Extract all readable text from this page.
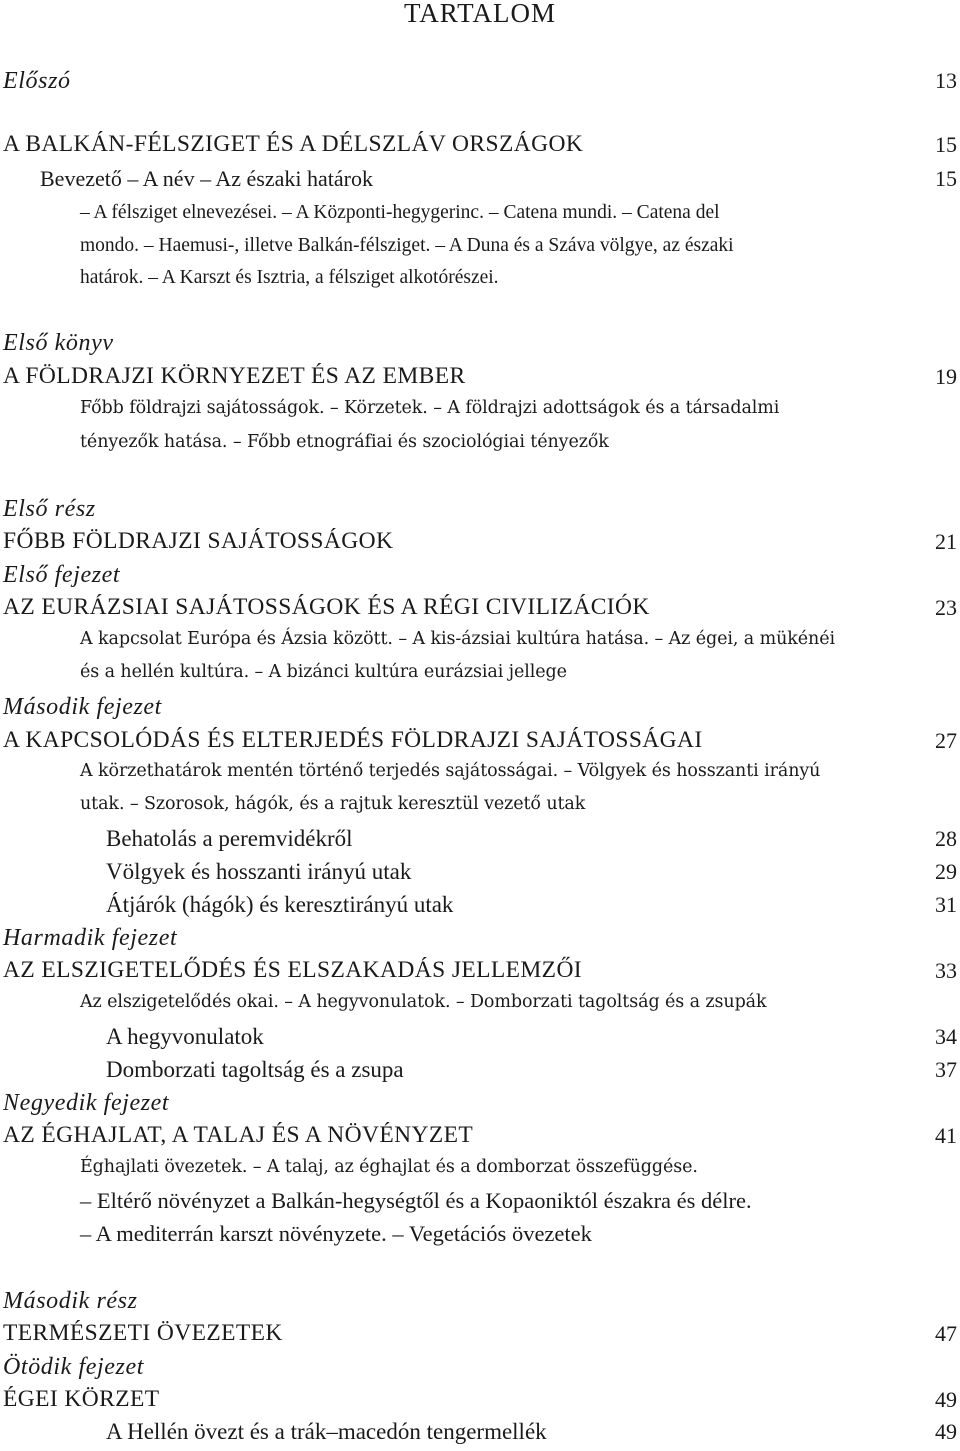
TARTALOM
Előszó	13
A BALKÁN-FÉLSZIGET ÉS A DÉLSZLÁV ORSZÁGOK	15
Bevezető – A név – Az északi határok	15
– A félsziget elnevezései. – A Központi-hegygerinc. – Catena mundi. – Catena del
mondo. – Haemusi-, illetve Balkán-félsziget. – A Duna és a Száva völgye, az északi
határok. – A Karszt és Isztria, a félsziget alkotórészei.
Első könyv
A FÖLDRAJZI KÖRNYEZET ÉS AZ EMBER	19
Főbb földrajzi sajátosságok. – Körzetek. – A földrajzi adottságok és a társadalmi
tényezők hatása. – Főbb etnográfiai és szociológiai tényezők
Első rész
FŐBB FÖLDRAJZI SAJÁTOSSÁGOK	21
Első fejezet
AZ EURÁZSIAI SAJÁTOSSÁGOK ÉS A RÉGI CIVILIZÁCIÓK	23
A kapcsolat Európa és Ázsia között. – A kis-ázsiai kultúra hatása. – Az égei, a mükénéi
és a hellén kultúra. – A bizánci kultúra eurázsiai jellege
Második fejezet
A KAPCSOLÓDÁS ÉS ELTERJEDÉS FÖLDRAJZI SAJÁTOSSÁGAI	27
A körzethatárok mentén történő terjedés sajátosságai. – Völgyek és hosszanti irányú
utak. – Szorosok, hágók, és a rajtuk keresztül vezető utak
Behatolás a peremvidékről	28
Völgyek és hosszanti irányú utak	29
Átjárók (hágók) és keresztirányú utak	31
Harmadik fejezet
AZ ELSZIGETELŐDÉS ÉS ELSZAKADÁS JELLEMZŐI	33
Az elszigetelődés okai. – A hegyvonulatok. – Domborzati tagoltság és a zsupák
A hegyvonulatok	34
Domborzati tagoltság és a zsupa	37
Negyedik fejezet
AZ ÉGHAJLAT, A TALAJ ÉS A NÖVÉNYZET	41
Éghajlati övezetek. – A talaj, az éghajlat és a domborzat összefüggése.
– Eltérő növényzet a Balkán-hegységtől és a Kopaoniktól északra és délre.
– A mediterrán karszt növényzete. – Vegetációs övezetek
Második rész
TERMÉSZETI ÖVEZETEK	47
Ötödik fejezet
ÉGEI KÖRZET	49
A Hellén övezt és a trák–macedón tengermellék	49
